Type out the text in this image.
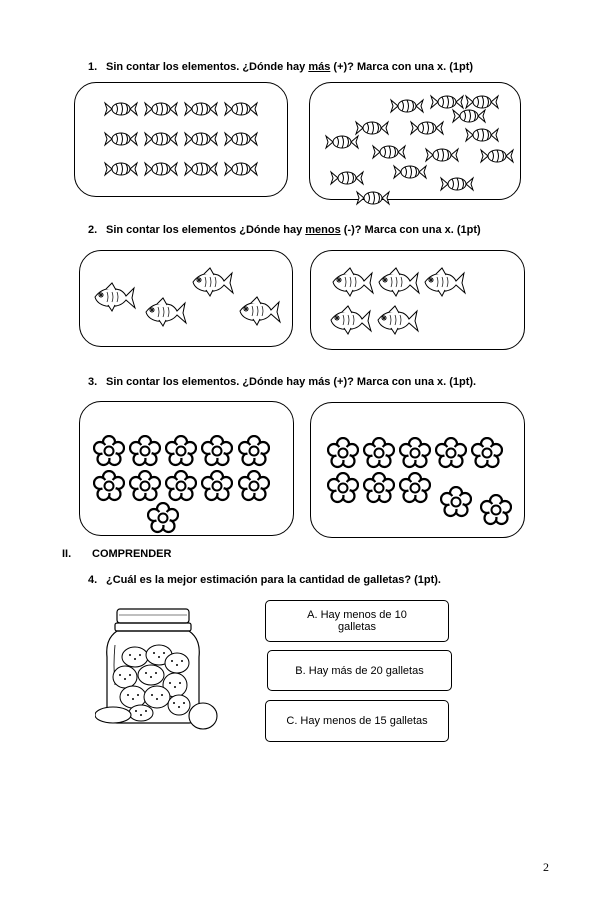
1. Sin contar los elementos. ¿Dónde hay más (+)? Marca con una x. (1pt)
2. Sin contar los elementos ¿Dónde hay menos (-)? Marca con una x. (1pt)
3. Sin contar los elementos. ¿Dónde hay más (+)? Marca con una x. (1pt).
II. COMPRENDER
4. ¿Cuál es la mejor estimación para la cantidad de galletas? (1pt).
A. Hay menos de 10
galletas
B. Hay más de 20 galletas
C. Hay menos de 15 galletas
2
